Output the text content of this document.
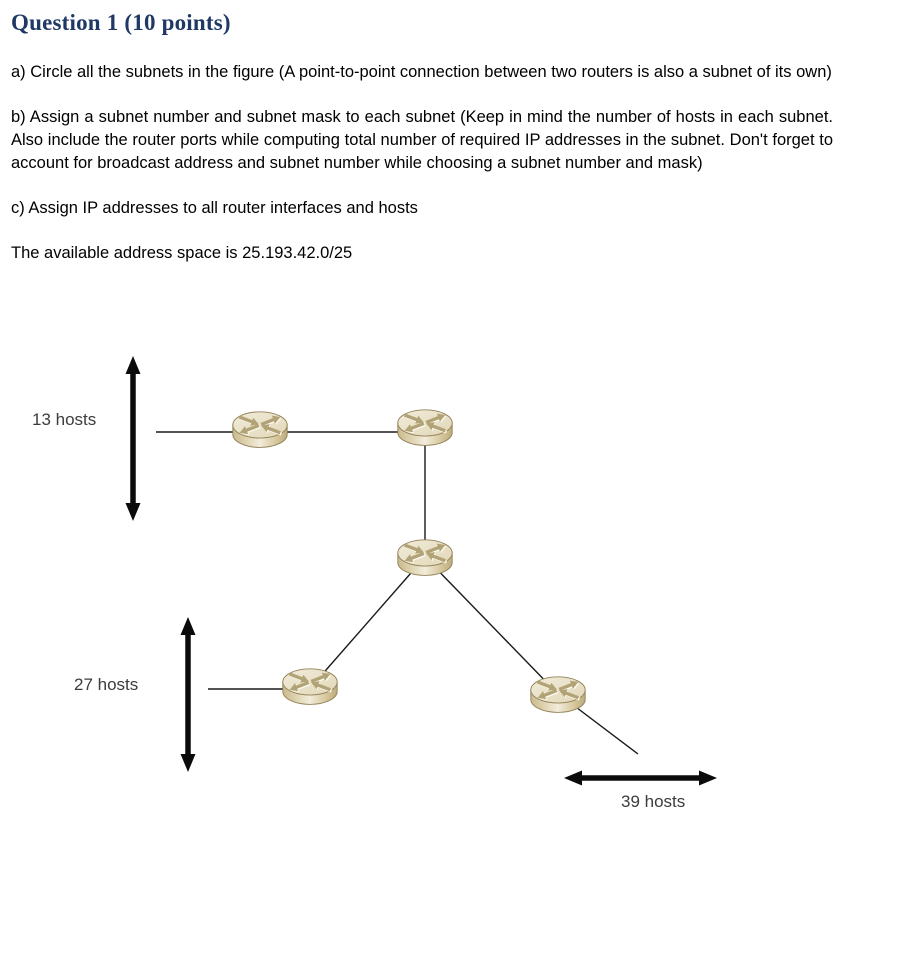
Question 1 (10 points)

a) Circle all the subnets in the figure (A point-to-point connection between two routers is also a subnet of its own)

b) Assign a subnet number and subnet mask to each subnet (Keep in mind the number of hosts in each subnet. Also include the router ports while computing total number of required IP addresses in the subnet. Don't forget to account for broadcast address and subnet number while choosing a subnet number and mask)

c) Assign IP addresses to all router interfaces and hosts

The available address space is 25.193.42.0/25

13 hosts
27 hosts
39 hosts
